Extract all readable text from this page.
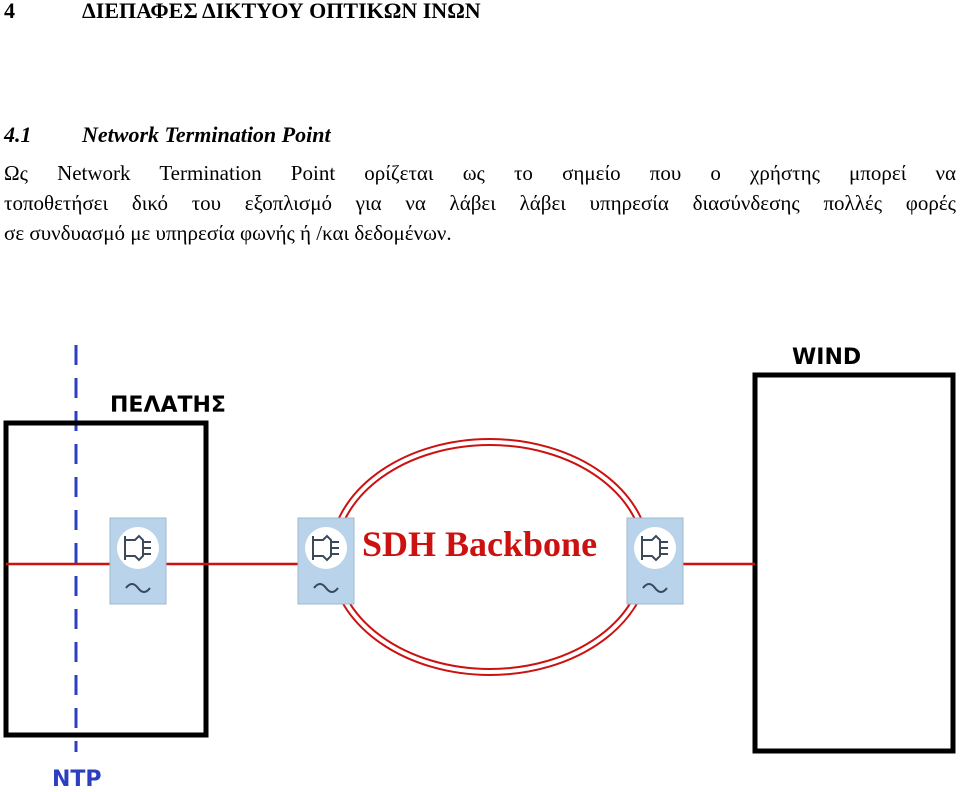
4	ΔΙΕΠΑΦΕΣ ΔΙΚΤΥΟΥ ΟΠΤΙΚΩΝ ΙΝΩΝ
4.1 Network Termination Point
Ως Network Termination Point ορίζεται ως το σημείο που ο χρήστης μπορεί να
τοποθετήσει δικό του εξοπλισμό για να λάβει λάβει υπηρεσία διασύνδεσης πολλές φορές
σε συνδυασμό με υπηρεσία φωνής ή /και δεδομένων.
ΠΕΛΑΤΗΣ
WIND
SDH Backbone
NTP
